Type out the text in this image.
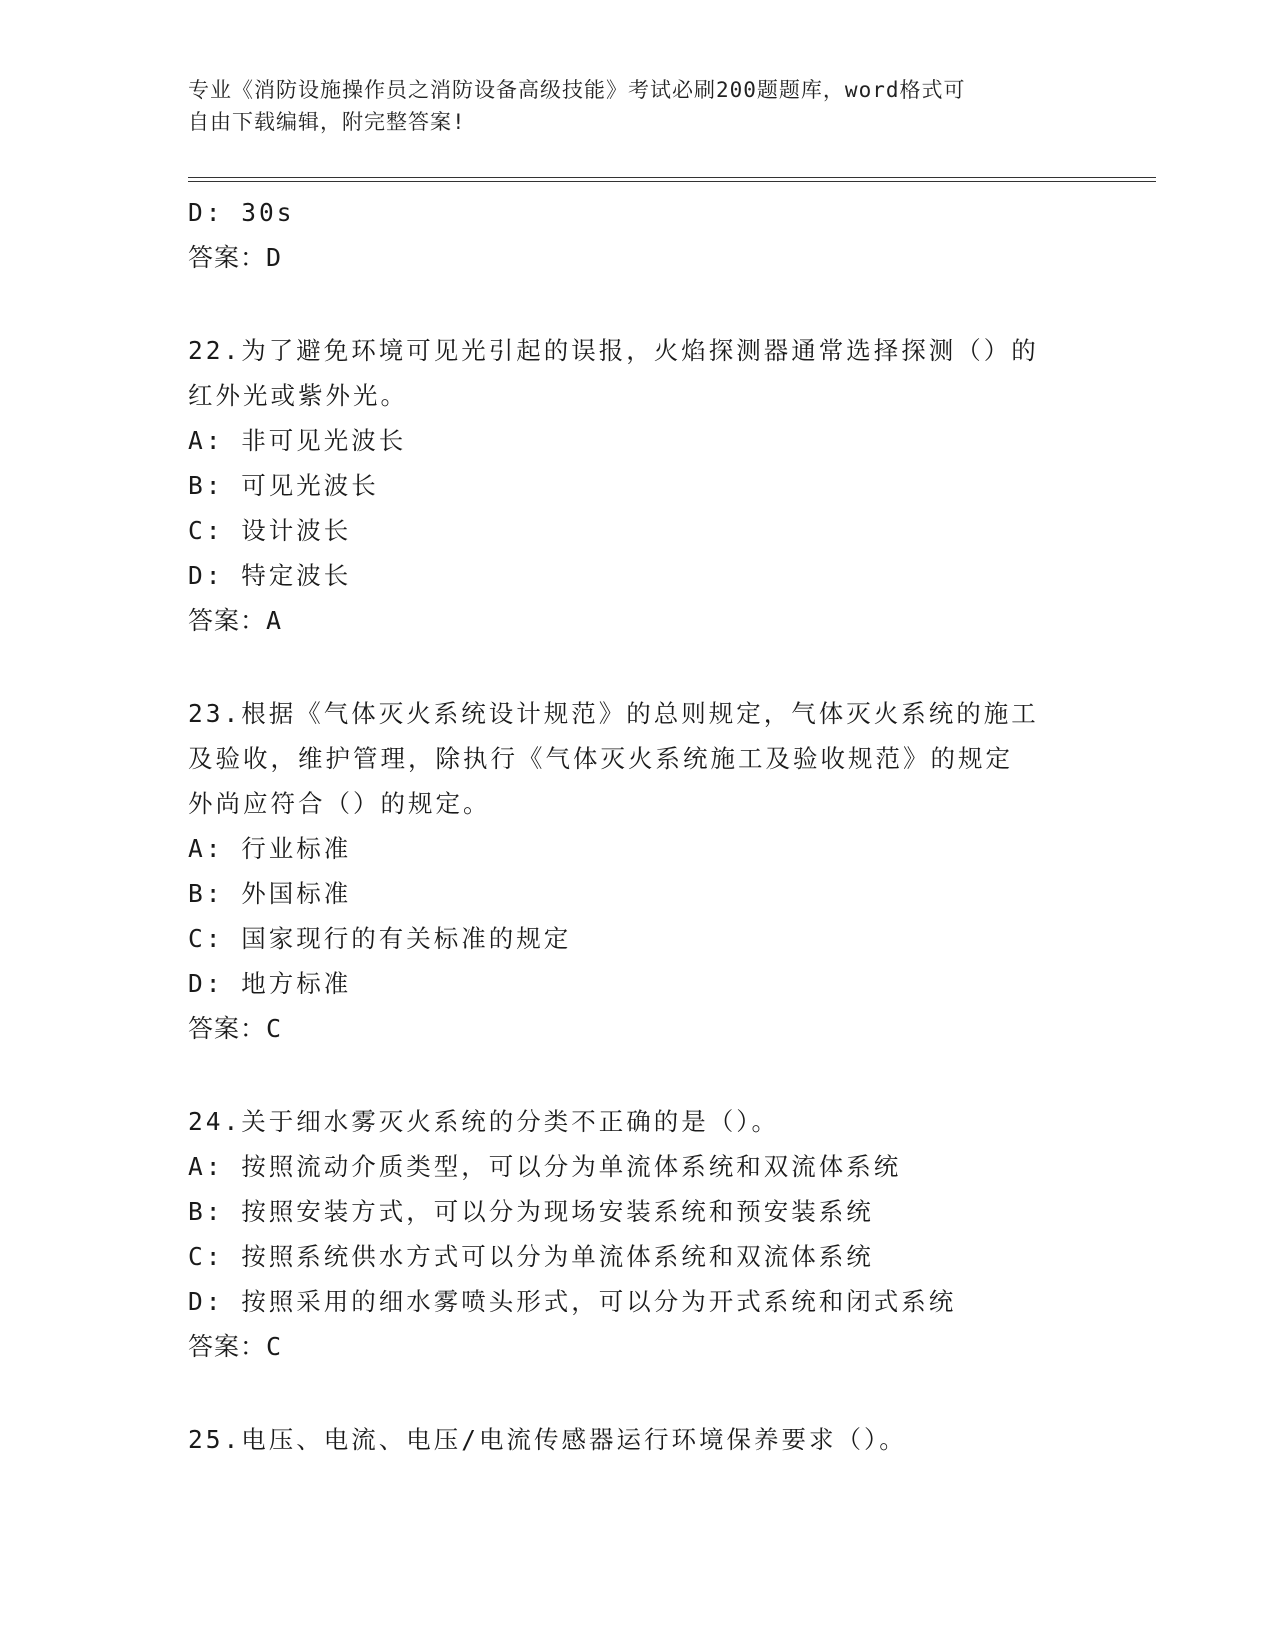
专业《消防设施操作员之消防设备高级技能》考试必刷200题题库，word格式可
自由下载编辑，附完整答案!
D: 30s
答案：D
22.为了避免环境可见光引起的误报，火焰探测器通常选择探测（）的
红外光或紫外光。
A: 非可见光波长
B: 可见光波长
C: 设计波长
D: 特定波长
答案：A
23.根据《气体灭火系统设计规范》的总则规定，气体灭火系统的施工
及验收，维护管理，除执行《气体灭火系统施工及验收规范》的规定
外尚应符合（）的规定。
A: 行业标准
B: 外国标准
C: 国家现行的有关标准的规定
D: 地方标准
答案：C
24.关于细水雾灭火系统的分类不正确的是（）。
A: 按照流动介质类型，可以分为单流体系统和双流体系统
B: 按照安装方式，可以分为现场安装系统和预安装系统
C: 按照系统供水方式可以分为单流体系统和双流体系统
D: 按照采用的细水雾喷头形式，可以分为开式系统和闭式系统
答案：C
25.电压、电流、电压/电流传感器运行环境保养要求（）。
